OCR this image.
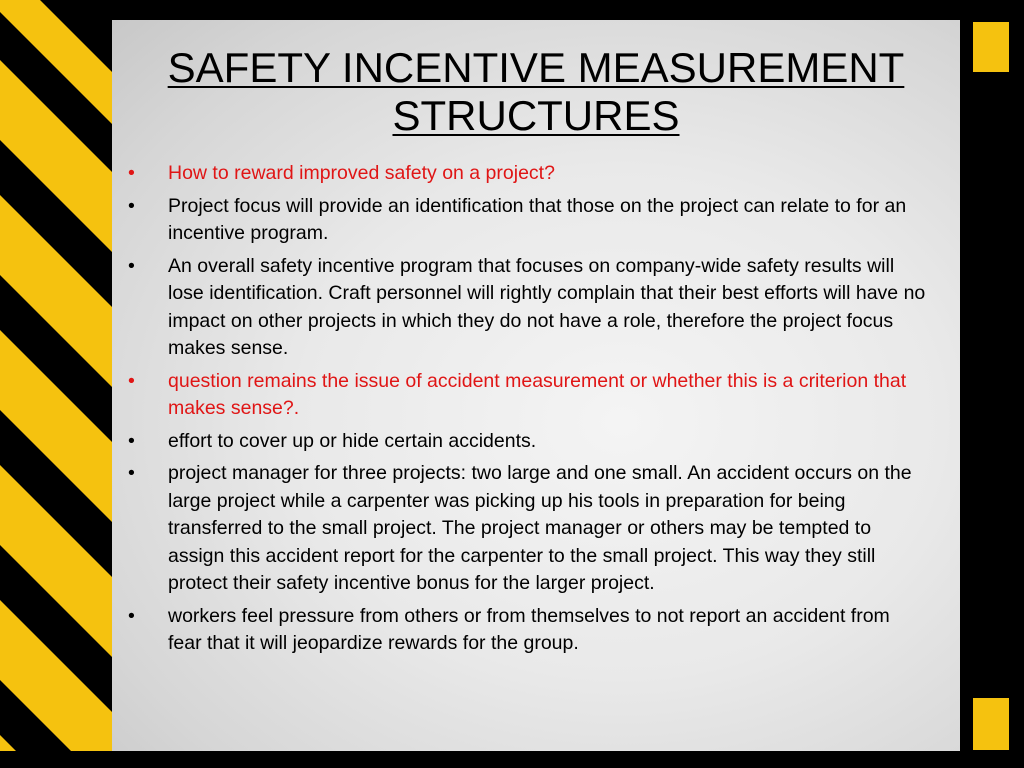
SAFETY INCENTIVE MEASUREMENT
STRUCTURES
•	How to reward improved safety on a project?
•	Project focus will provide an identification that those on the project can relate to for an incentive program.
•	An overall safety incentive program that focuses on company-wide safety results will lose identification. Craft personnel will rightly complain that their best efforts will have no impact on other projects in which they do not have a role, therefore the project focus makes sense.
•	question remains the issue of accident measurement or whether this is a criterion that makes sense?.
•	effort to cover up or hide certain accidents.
•	project manager for three projects: two large and one small. An accident occurs on the large project while a carpenter was picking up his tools in preparation for being transferred to the small project. The project manager or others may be tempted to assign this accident report for the carpenter to the small project. This way they still protect their safety incentive bonus for the larger project.
•	workers feel pressure from others or from themselves to not report an accident from fear that it will jeopardize rewards for the group.
